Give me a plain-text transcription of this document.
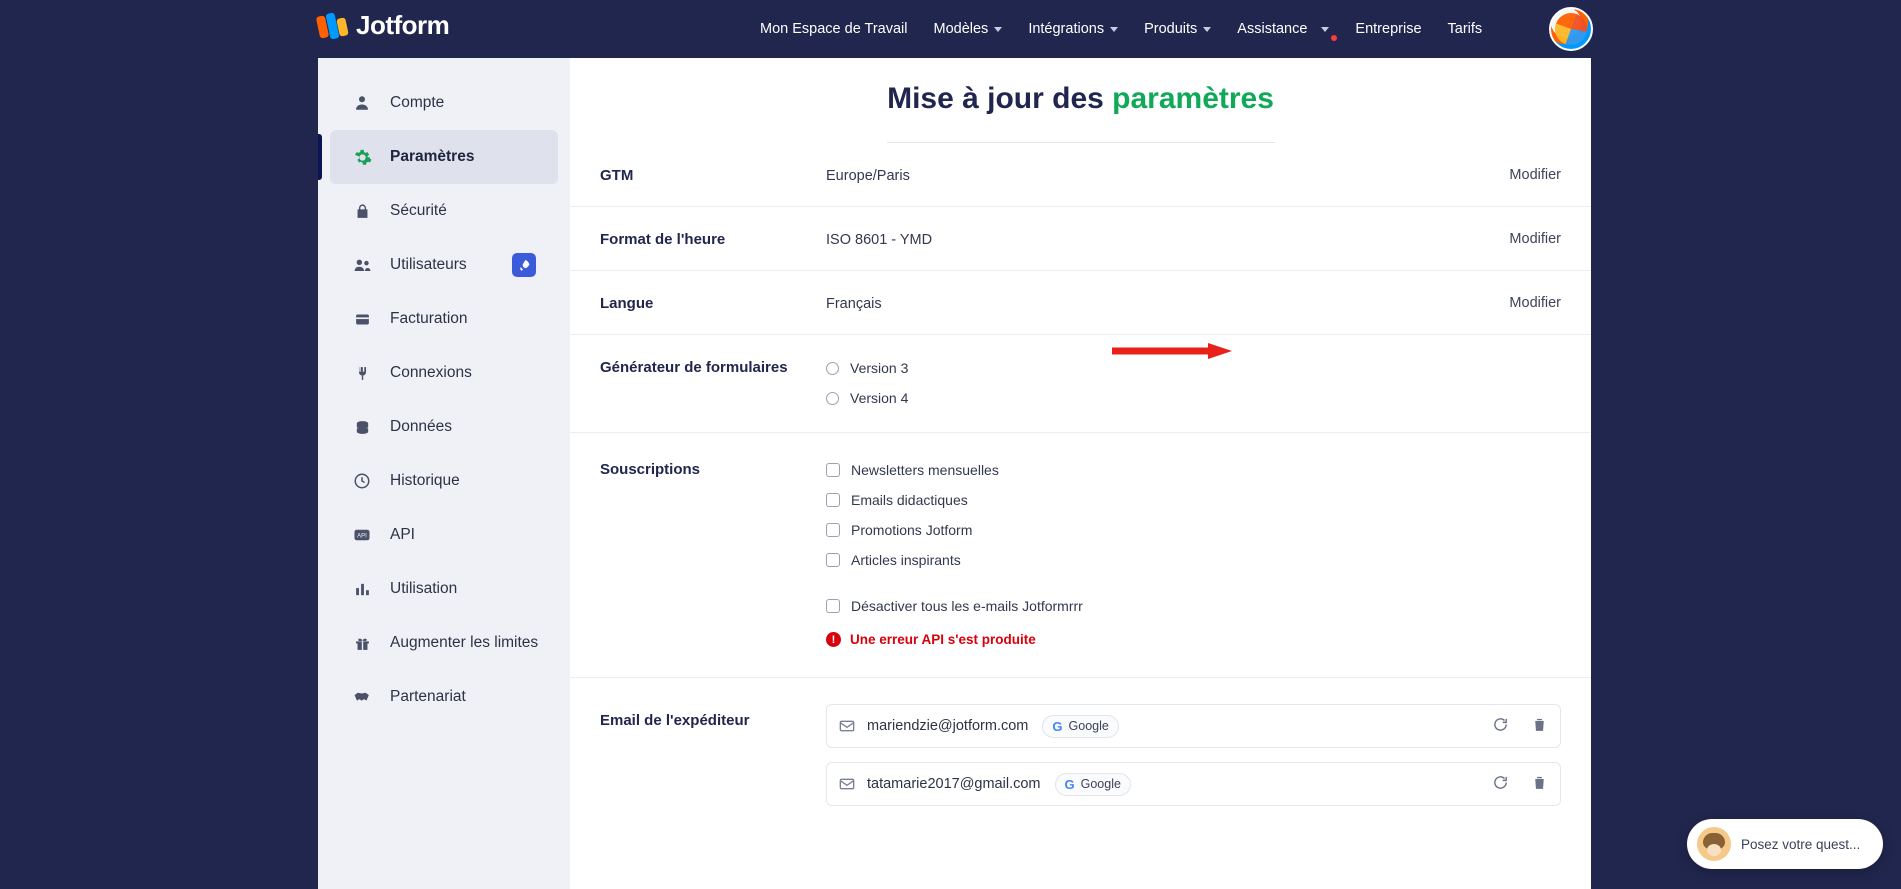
Jotform	Mon Espace de Travail Modèles	Intégrations	Produits	Assistance	Entreprise Tarifs
Compte
Paramètres
Sécurité
Utilisateurs
Facturation
Connexions
Données
Historique
API API
Utilisation
Augmenter les limites
Partenariat
Mise à jour des paramètres
GTM	Europe/Paris	Modifier
Format de l'heure	ISO 8601 - YMD	Modifier
Langue	Français	Modifier
Générateur de formulaires	Version 3
Version 4
Souscriptions	Newsletters mensuelles
Emails didactiques
Promotions Jotform
Articles inspirants
Désactiver tous les e-mails Jotformrrr
!	Une erreur API s'est produite
Email de l'expéditeur	mariendzie@jotform.com G Google
tatamarie2017@gmail.com G Google
Posez votre quest...
